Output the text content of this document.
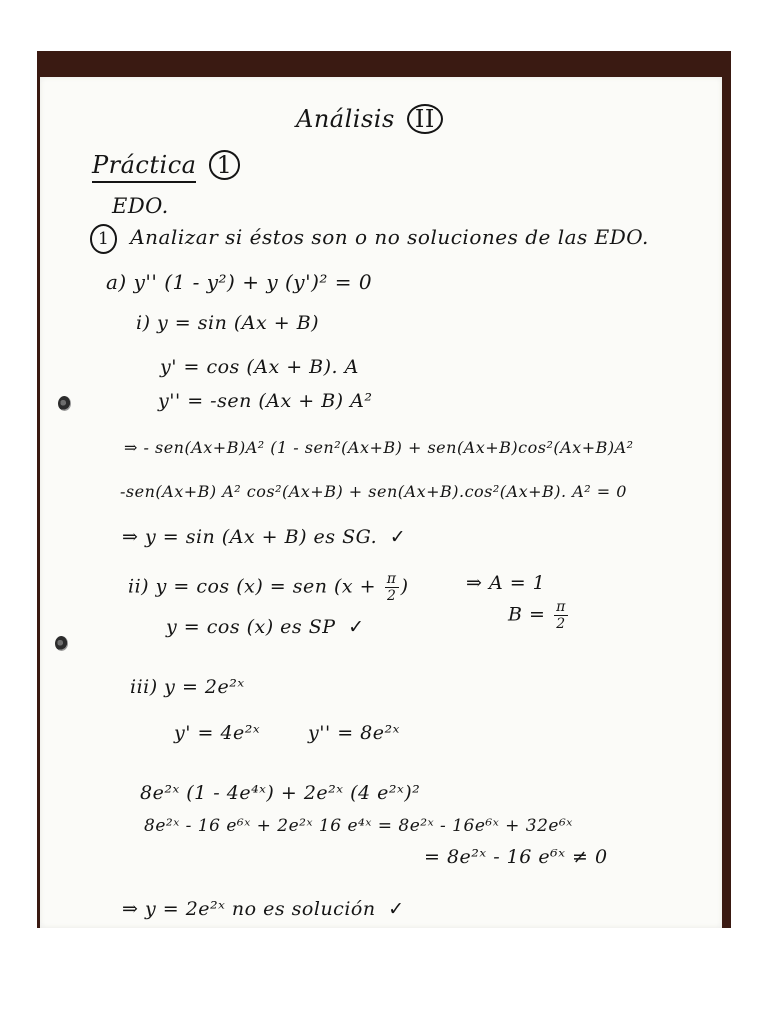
Análisis II
Práctica 1
EDO.
1 Analizar si éstos son o no soluciones de las EDO.
a) y'' (1 - y²) + y (y')² = 0
i) y = sin (Ax + B)
y' = cos (Ax + B). A
y'' = -sen (Ax + B) A²
⇒ - sen(Ax+B)A² (1 - sen²(Ax+B) + sen(Ax+B)cos²(Ax+B)A²
-sen(Ax+B) A² cos²(Ax+B) + sen(Ax+B).cos²(Ax+B). A² = 0
⇒ y = sin (Ax + B) es SG. ✓
ii) y = cos (x) = sen ($x + \frac{\pi}{2}$ )	⇒ A = 1
$B = \frac{\pi}{2}$
y = cos (x) es SP ✓
iii) y = 2e²ˣ
y' = 4e²ˣ	y'' = 8e²ˣ
8e²ˣ (1 - 4e⁴ˣ) + 2e²ˣ (4 e²ˣ)²
8e²ˣ - 16 e⁶ˣ + 2e²ˣ 16 e⁴ˣ = 8e²ˣ - 16e⁶ˣ + 32e⁶ˣ
= 8e²ˣ - 16 e⁶ˣ ≠ 0
⇒ y = 2e²ˣ no es solución ✓
